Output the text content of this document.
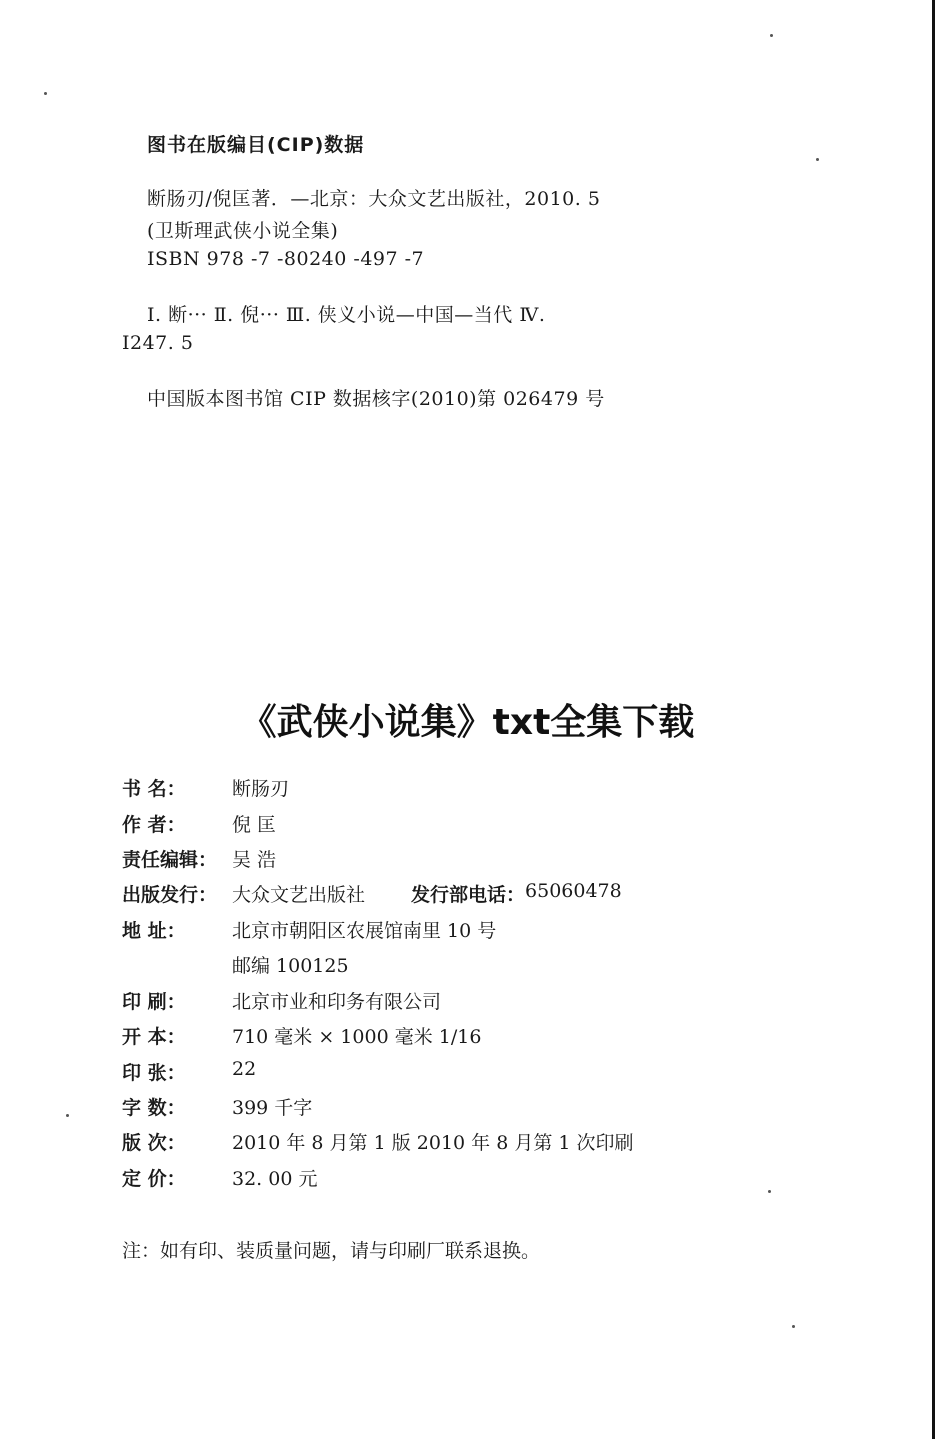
图书在版编目(CIP)数据
断肠刃/倪匡著．—北京：大众文艺出版社，2010. 5
(卫斯理武侠小说全集)
ISBN 978 -7 -80240 -497 -7
Ⅰ. 断··· Ⅱ. 倪··· Ⅲ. 侠义小说—中国—当代 Ⅳ.
I247. 5
中国版本图书馆 CIP 数据核字(2010)第 026479 号
《武侠小说集》txt全集下载
书 名：	断肠刃
作 者：	倪 匡
责任编辑： 吴 浩
出版发行： 大众文艺出版社 发行部电话： 65060478
地 址：	北京市朝阳区农展馆南里 10 号
邮编 100125
印 刷：	北京市业和印务有限公司
开 本：	710 毫米 × 1000 毫米 1/16
印 张：	22
字 数：	399 千字
版 次：	2010 年 8 月第 1 版 2010 年 8 月第 1 次印刷
定 价：	32. 00 元
注：如有印、装质量问题，请与印刷厂联系退换。
